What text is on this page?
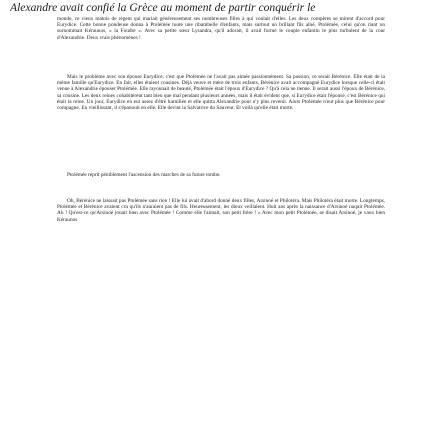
Alexandre avait confié la Grèce au moment de partir conquérir le

monde, ce vieux matois de régent qui mariait généreusement ses nombreuses filles à qui voulait d'elles. Les deux compères se mirent d'accord pour Eurydice. Cette bonne pondeuse donna à Ptolémée toute une ribambelle d'enfants, mais surtout un brillant fils aîné, Ptolémée, celui qu'on riant on surnommait Kéraunos, « la Foudre ». Avec sa petite sœur Lysandra, qu'il adorait, il avait formé le couple enfantin le plus turbulent de la cour d'Alexandrie. Deux vrais phénomènes !

Mais le problème avec son épouse Eurydice, c'est que Ptolémée ne l'avait pas aimée passionnément. Sa passion, ce serait Bérénice. Elle était de la même famille qu'Eurydice. En fait, elles étaient cousines. Déjà veuve et mère de trois enfants, Bérénice avait accompagné Eurydice lorsque celle-ci était venue à Alexandrie épouser Ptolémée. Elle rayonnait de beauté, Ptolémée était l'époux d'Eurydice ? Qu'à cela ne tienne. Il serait aussi l'époux de Bérénice, sa cousine. Les deux reines cohabitèrent tant bien que mal pendant plusieurs années, mais il était évident que, si Eurydice était l'épouse, c'est Bérénice qui était la reine. Un jour, Eurydice en eut assez d'être humiliée et elle quitta Alexandrie pour n'y plus revenir. Alors Ptolémée n'eut plus que Bérénice pour compagne. En vieillissant, il s'épanouit en elle. Elle devint la Salvatrice du Sauveur. Et voilà qu'elle était morte.

Ptolémée reprit péniblement l'ascension des marches de sa future tombe.

Oh, Bérénice ne laissait pas Ptolémée sans rien ! Elle lui avait d'abord donné deux filles, Arsinoé et Philotéra. Mais Philotéra était morte. Longtemps, Ptolémée et Bérénice avaient cru qu'ils n'auraient pas de fils. Heureusement, les dieux veillaient. Huit ans après la naissance d'Arsinoé naquit Ptolémée. Ah ! Qu'est-ce qu'Arsinoé jouait bien avec Ptolémée ! Comme elle l'aimait, son petit frère ! « Avec mon petit Ptolémée, se disait Arsinoé, je vaux bien Kéraunos
